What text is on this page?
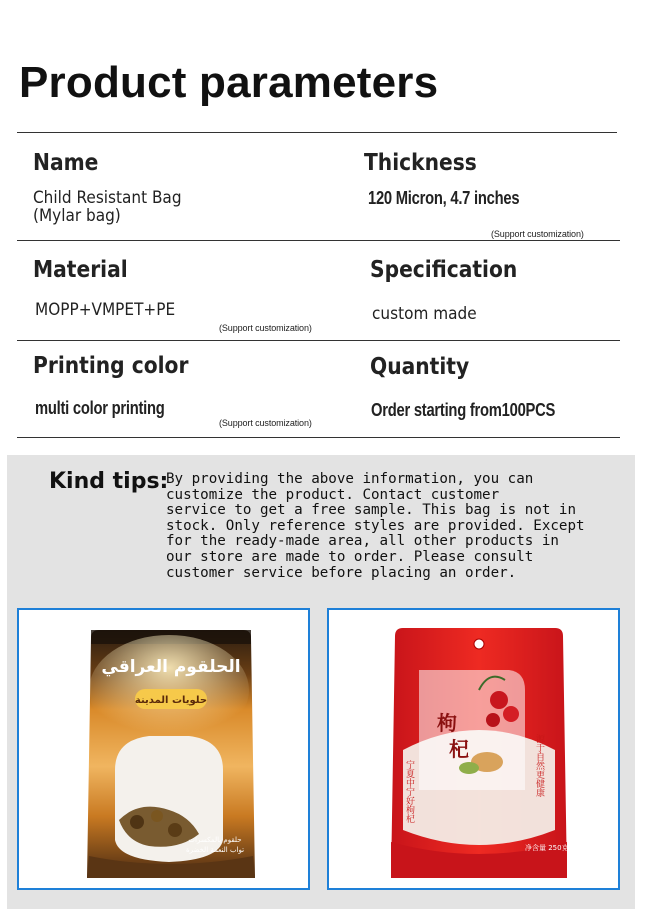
Product parameters
Name
Child Resistant Bag
(Mylar bag)
Thickness
120 Micron, 4.7 inches
(Support customization)
Material
MOPP+VMPET+PE
(Support customization)
Specification
custom made
Printing color
multi color printing
(Support customization)
Quantity
Order starting from100PCS
Kind tips:
By providing the above information, you can
customize the product. Contact customer
service to get a free sample. This bag is not in
stock. Only reference styles are provided. Except
for the ready-made area, all other products in
our store are made to order. Please consult
customer service before placing an order.
الحلقوم العراقي
حلويات المدينة
حلقوم بالمكسرات
تواب النعمة الخضرة
枸
杞
宁夏中宁好枸杞	源于自然更健康
净含量 250克
